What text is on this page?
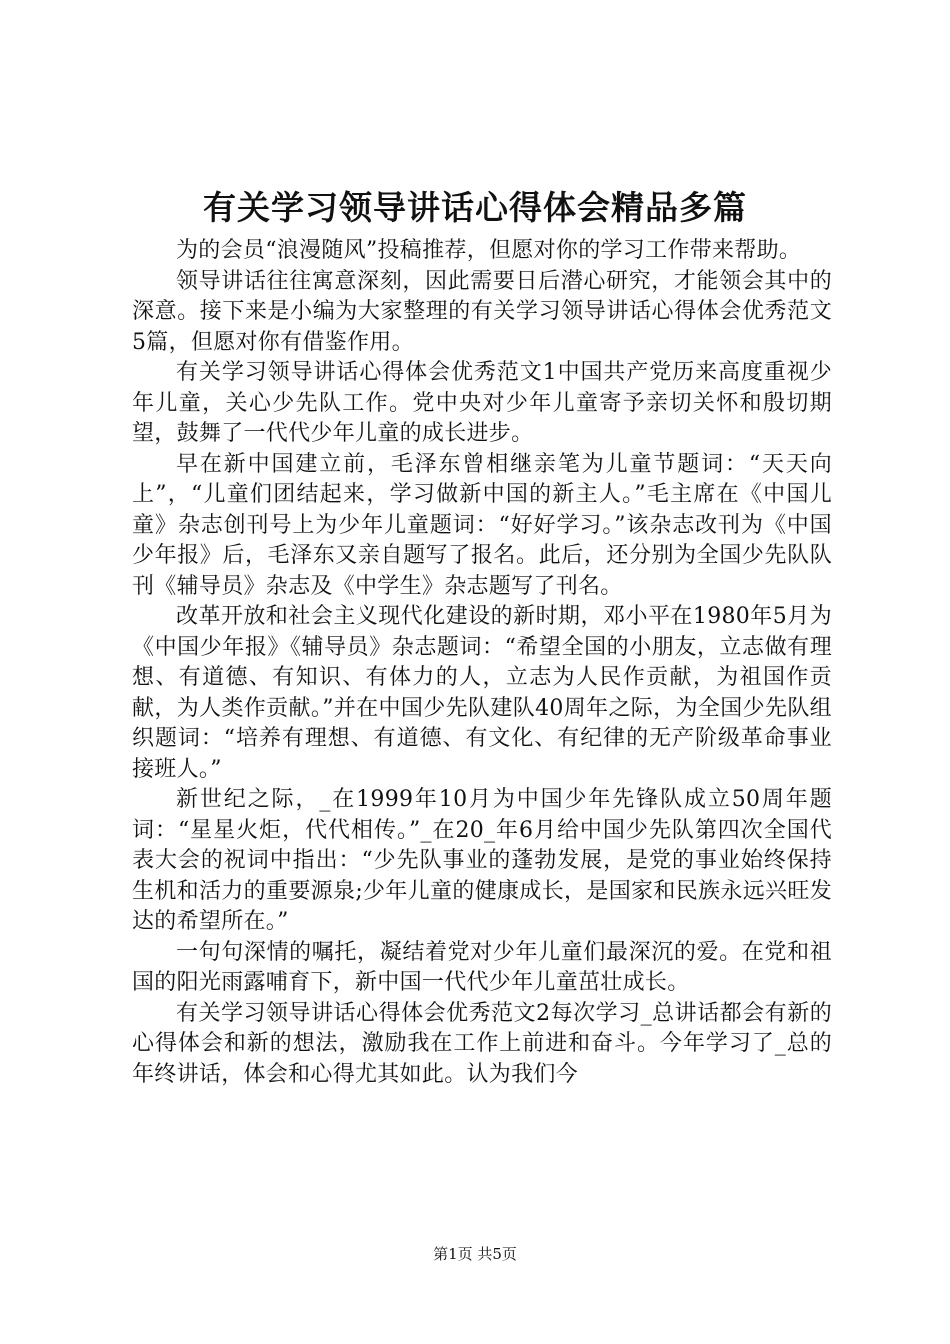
有关学习领导讲话心得体会精品多篇

为的会员“浪漫随风”投稿推荐，但愿对你的学习工作带来帮助。

领导讲话往往寓意深刻，因此需要日后潜心研究，才能领会其中的深意。接下来是小编为大家整理的有关学习领导讲话心得体会优秀范文5篇，但愿对你有借鉴作用。

有关学习领导讲话心得体会优秀范文1中国共产党历来高度重视少年儿童，关心少先队工作。党中央对少年儿童寄予亲切关怀和殷切期望，鼓舞了一代代少年儿童的成长进步。

早在新中国建立前，毛泽东曾相继亲笔为儿童节题词：“天天向上”，“儿童们团结起来，学习做新中国的新主人。”毛主席在《中国儿童》杂志创刊号上为少年儿童题词：“好好学习。”该杂志改刊为《中国少年报》后，毛泽东又亲自题写了报名。此后，还分别为全国少先队队刊《辅导员》杂志及《中学生》杂志题写了刊名。

改革开放和社会主义现代化建设的新时期，邓小平在1980年5月为《中国少年报》《辅导员》杂志题词：“希望全国的小朋友，立志做有理想、有道德、有知识、有体力的人，立志为人民作贡献，为祖国作贡献，为人类作贡献。”并在中国少先队建队40周年之际，为全国少先队组织题词：“培养有理想、有道德、有文化、有纪律的无产阶级革命事业接班人。”

新世纪之际，_在1999年10月为中国少年先锋队成立50周年题词：“星星火炬，代代相传。”_在20_年6月给中国少先队第四次全国代表大会的祝词中指出：“少先队事业的蓬勃发展，是党的事业始终保持生机和活力的重要源泉;少年儿童的健康成长，是国家和民族永远兴旺发达的希望所在。”

一句句深情的嘱托，凝结着党对少年儿童们最深沉的爱。在党和祖国的阳光雨露哺育下，新中国一代代少年儿童茁壮成长。

有关学习领导讲话心得体会优秀范文2每次学习_总讲话都会有新的心得体会和新的想法，激励我在工作上前进和奋斗。今年学习了_总的年终讲话，体会和心得尤其如此。认为我们今

第1页 共5页
